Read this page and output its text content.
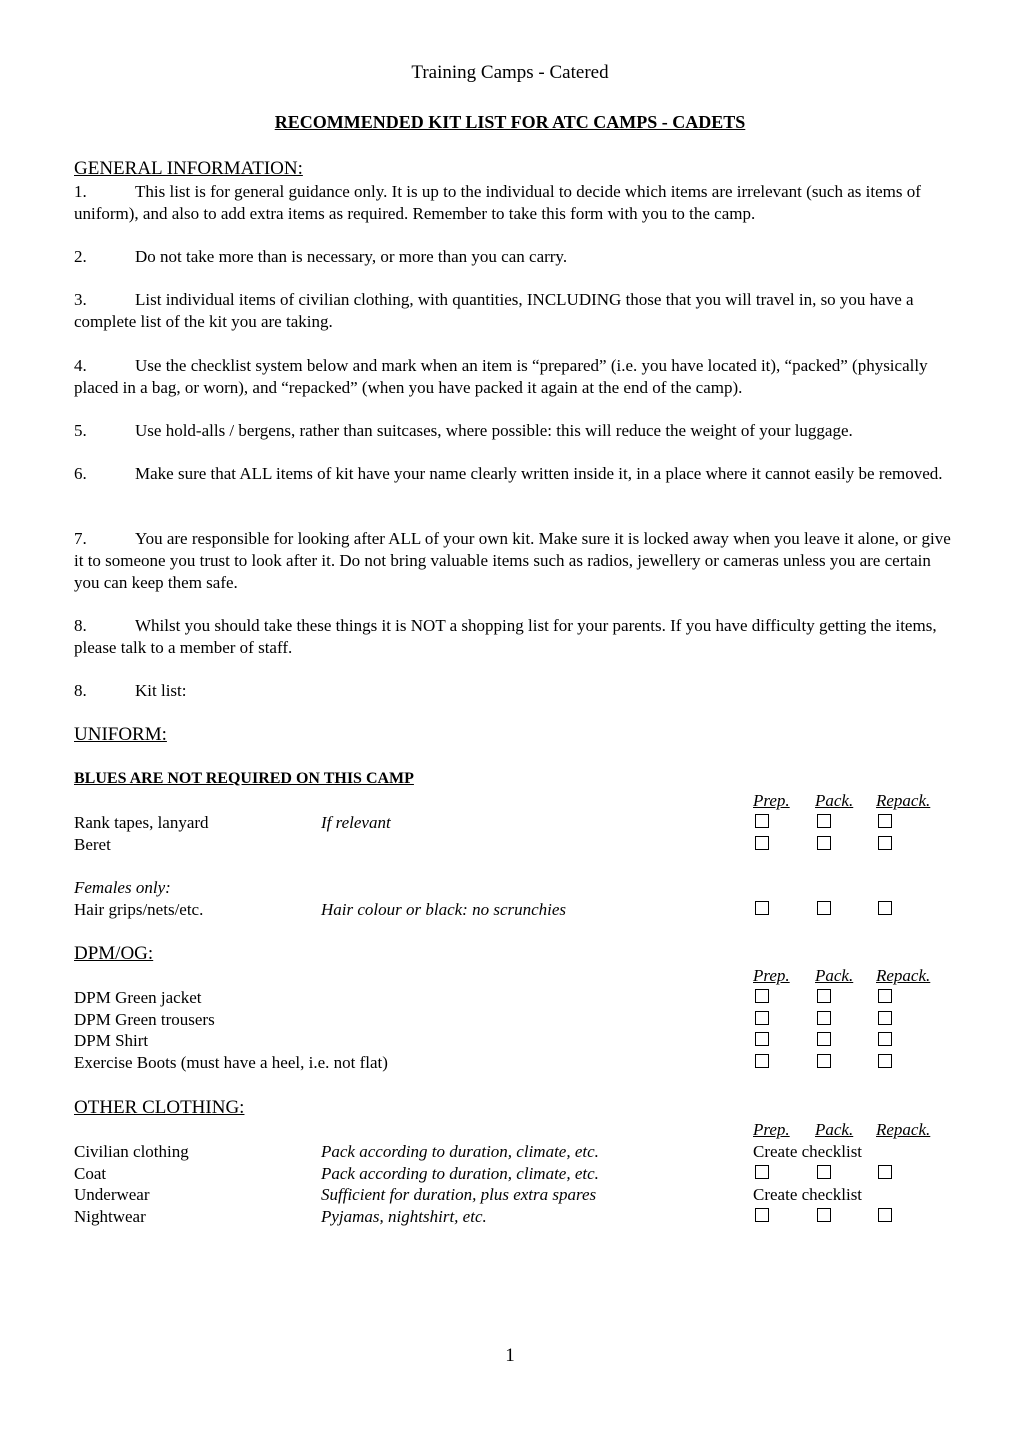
Training Camps - Catered
RECOMMENDED KIT LIST FOR ATC CAMPS - CADETS
GENERAL INFORMATION:
1.	This list is for general guidance only. It is up to the individual to decide which items are irrelevant (such as items of uniform), and also to add extra items as required. Remember to take this form with you to the camp.
2.	Do not take more than is necessary, or more than you can carry.
3.	List individual items of civilian clothing, with quantities, INCLUDING those that you will travel in, so you have a complete list of the kit you are taking.
4.	Use the checklist system below and mark when an item is “prepared” (i.e. you have located it), “packed” (physically placed in a bag, or worn), and “repacked” (when you have packed it again at the end of the camp).
5.	Use hold-alls / bergens, rather than suitcases, where possible: this will reduce the weight of your luggage.
6.	Make sure that ALL items of kit have your name clearly written inside it, in a place where it cannot easily be removed.
7.	You are responsible for looking after ALL of your own kit. Make sure it is locked away when you leave it alone, or give it to someone you trust to look after it. Do not bring valuable items such as radios, jewellery or cameras unless you are certain you can keep them safe.
8.	Whilst you should take these things it is NOT a shopping list for your parents. If you have difficulty getting the items, please talk to a member of staff.
8.	Kit list:
UNIFORM:
BLUES ARE NOT REQUIRED ON THIS CAMP
Prep. Pack. Repack.
Rank tapes, lanyard	If relevant
Beret
Females only:
Hair grips/nets/etc.	Hair colour or black: no scrunchies
DPM/OG:
Prep. Pack. Repack.
DPM Green jacket
DPM Green trousers
DPM Shirt
Exercise Boots (must have a heel, i.e. not flat)
OTHER CLOTHING:
Prep. Pack. Repack.
Civilian clothing	Pack according to duration, climate, etc.	Create checklist
Coat	Pack according to duration, climate, etc.
Underwear	Sufficient for duration, plus extra spares	Create checklist
Nightwear	Pyjamas, nightshirt, etc.
1
